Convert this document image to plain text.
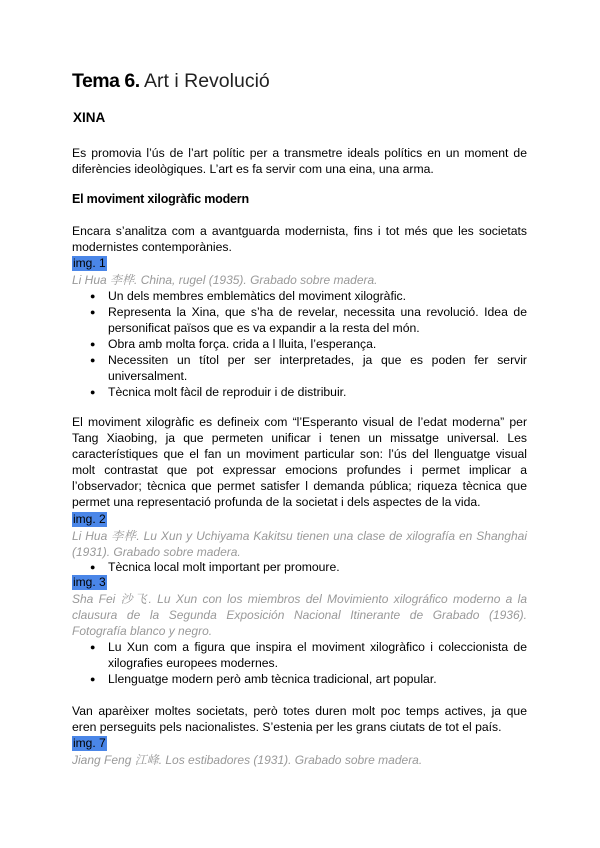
Tema 6. Art i Revolució
XINA

Es promovia l’ús de l’art polític per a transmetre ideals polítics en un moment de diferències ideològiques. L’art es fa servir com una eina, una arma.

El moviment xilogràfic modern

Encara s’analitza com a avantguarda modernista, fins i tot més que les societats modernistes contemporànies.

img. 1

Li Hua 李桦. China, rugel (1935). Grabado sobre madera.

● Un dels membres emblemàtics del moviment xilogràfic.
● Representa la Xina, que s’ha de revelar, necessita una revolució. Idea de personificat països que es va expandir a la resta del món.
● Obra amb molta força. crida a l lluita, l’esperança.
● Necessiten un títol per ser interpretades, ja que es poden fer servir universalment.
● Tècnica molt fàcil de reproduir i de distribuir.

El moviment xilogràfic es defineix com “l’Esperanto visual de l’edat moderna” per Tang Xiaobing, ja que permeten unificar i tenen un missatge universal. Les característiques que el fan un moviment particular son: l’ús del llenguatge visual molt contrastat que pot expressar emocions profundes i permet implicar a l’observador; tècnica que permet satisfer l demanda pública; riqueza tècnica que permet una representació profunda de la societat i dels aspectes de la vida.

img. 2

Li Hua 李桦. Lu Xun y Uchiyama Kakitsu tienen una clase de xilografía en Shanghai (1931). Grabado sobre madera.

● Tècnica local molt important per promoure.
img. 3

Sha Fei 沙飞. Lu Xun con los miembros del Movimiento xilográfico moderno a la clausura de la Segunda Exposición Nacional Itinerante de Grabado (1936). Fotografía blanco y negro.

● Lu Xun com a figura que inspira el moviment xilogràfico i coleccionista de xilografies europees modernes.
● Llenguatge modern però amb tècnica tradicional, art popular.

Van aparèixer moltes societats, però totes duren molt poc temps actives, ja que eren perseguits pels nacionalistes. S’estenia per les grans ciutats de tot el país.

img. 7

Jiang Feng 江峰. Los estibadores (1931). Grabado sobre madera.
